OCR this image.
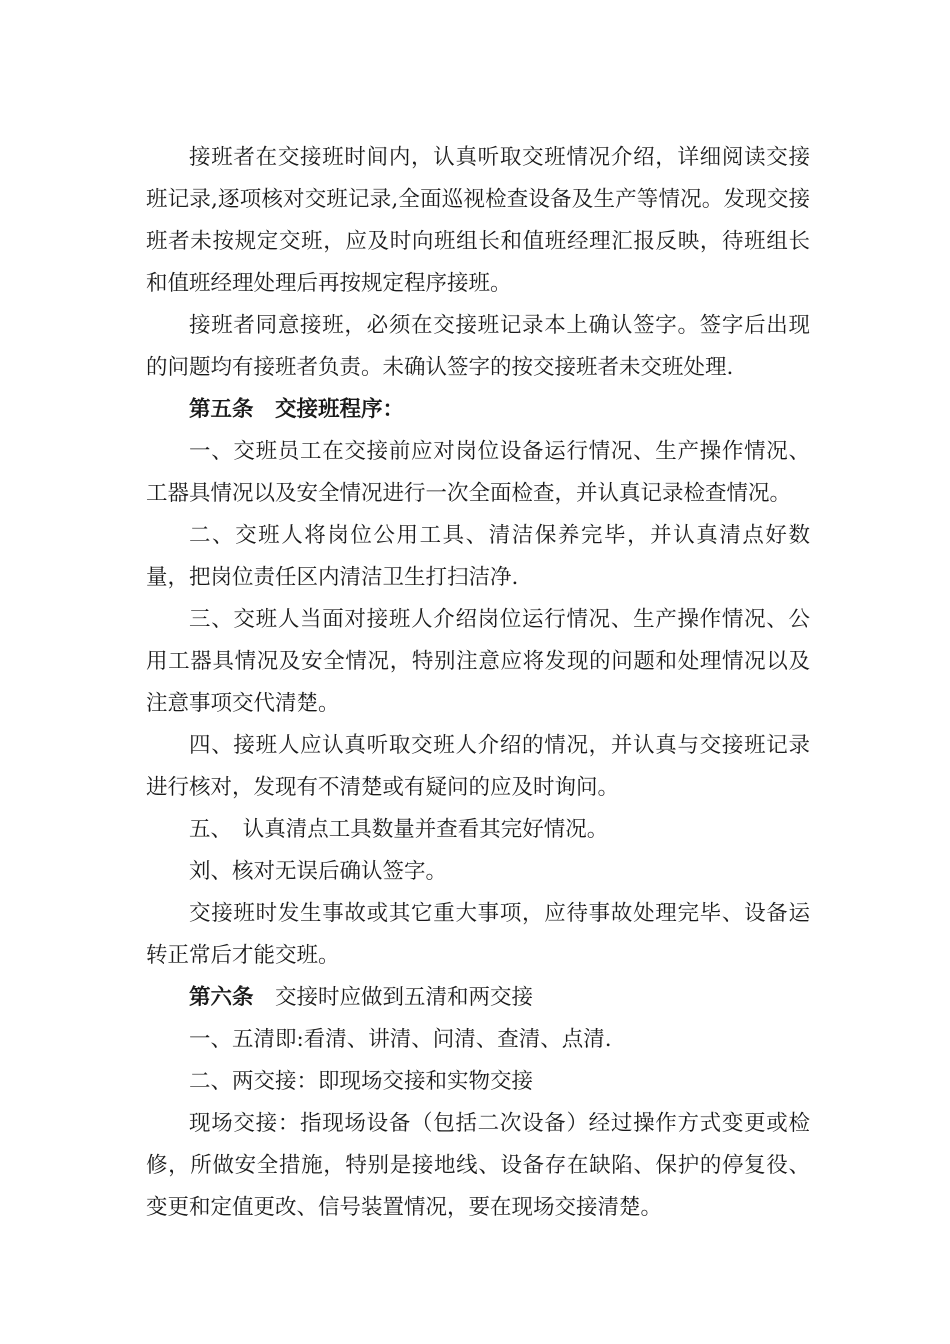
接班者在交接班时间内，认真听取交班情况介绍，详细阅读交接班记录,逐项核对交班记录,全面巡视检查设备及生产等情况。发现交接班者未按规定交班，应及时向班组长和值班经理汇报反映，待班组长和值班经理处理后再按规定程序接班。

接班者同意接班，必须在交接班记录本上确认签字。签字后出现的问题均有接班者负责。未确认签字的按交接班者未交班处理.

第五条　交接班程序：

一、交班员工在交接前应对岗位设备运行情况、生产操作情况、工器具情况以及安全情况进行一次全面检查，并认真记录检查情况。

二、交班人将岗位公用工具、清洁保养完毕，并认真清点好数量，把岗位责任区内清洁卫生打扫洁净.

三、交班人当面对接班人介绍岗位运行情况、生产操作情况、公用工器具情况及安全情况，特别注意应将发现的问题和处理情况以及注意事项交代清楚。

四、接班人应认真听取交班人介绍的情况，并认真与交接班记录进行核对，发现有不清楚或有疑问的应及时询问。

五、　认真清点工具数量并查看其完好情况。

刘、核对无误后确认签字。

交接班时发生事故或其它重大事项，应待事故处理完毕、设备运转正常后才能交班。

第六条　交接时应做到五清和两交接

一、五清即:看清、讲清、问清、查清、点清.

二、两交接：即现场交接和实物交接

现场交接：指现场设备（包括二次设备）经过操作方式变更或检修，所做安全措施，特别是接地线、设备存在缺陷、保护的停复役、变更和定值更改、信号装置情况，要在现场交接清楚。
